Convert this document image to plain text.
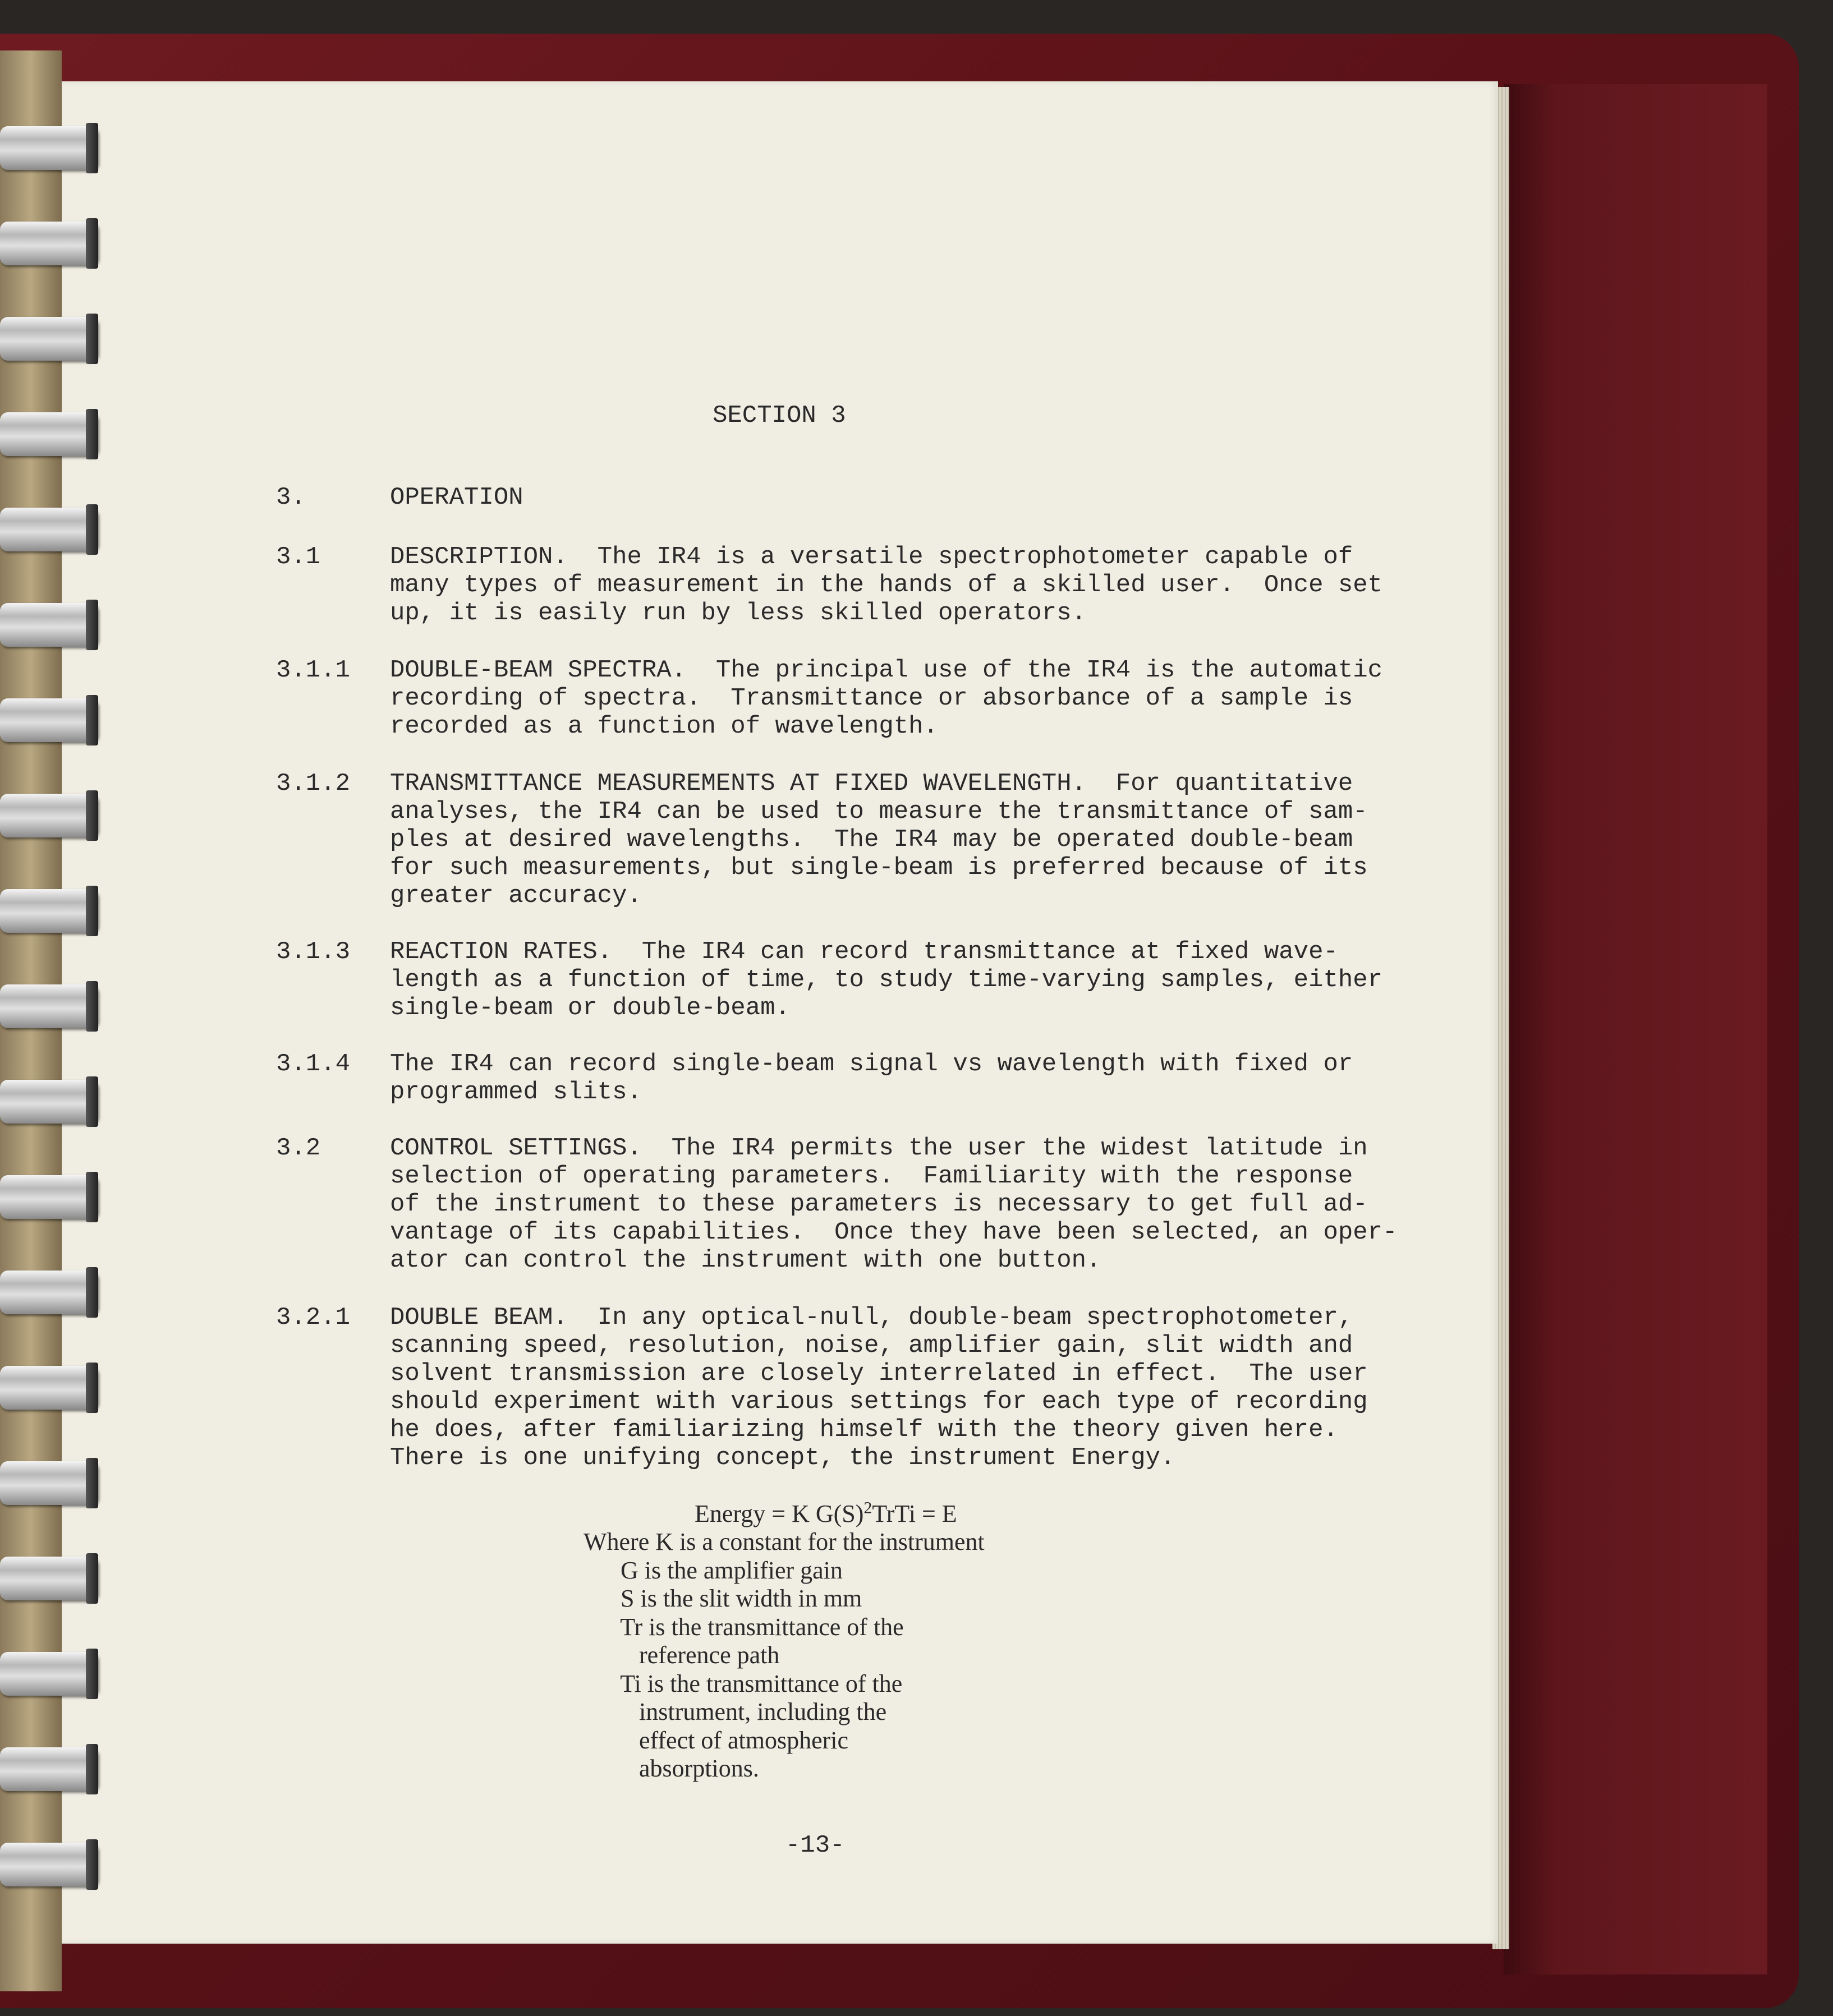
SECTION 3
3.	OPERATION
3.1	DESCRIPTION.  The IR4 is a versatile spectrophotometer capable of
many types of measurement in the hands of a skilled user.  Once set
up, it is easily run by less skilled operators.
3.1.1 DOUBLE-BEAM SPECTRA.  The principal use of the IR4 is the automatic
recording of spectra.  Transmittance or absorbance of a sample is
recorded as a function of wavelength.
3.1.2 TRANSMITTANCE MEASUREMENTS AT FIXED WAVELENGTH.  For quantitative
analyses, the IR4 can be used to measure the transmittance of sam-
ples at desired wavelengths.  The IR4 may be operated double-beam
for such measurements, but single-beam is preferred because of its
greater accuracy.
3.1.3 REACTION RATES.  The IR4 can record transmittance at fixed wave-
length as a function of time, to study time-varying samples, either
single-beam or double-beam.
3.1.4 The IR4 can record single-beam signal vs wavelength with fixed or
programmed slits.
3.2	CONTROL SETTINGS.  The IR4 permits the user the widest latitude in
selection of operating parameters.  Familiarity with the response
of the instrument to these parameters is necessary to get full ad-
vantage of its capabilities.  Once they have been selected, an oper-
ator can control the instrument with one button.
3.2.1 DOUBLE BEAM.  In any optical-null, double-beam spectrophotometer,
scanning speed, resolution, noise, amplifier gain, slit width and
solvent transmission are closely interrelated in effect.  The user
should experiment with various settings for each type of recording
he does, after familiarizing himself with the theory given here.
There is one unifying concept, the instrument Energy.
Energy = K $G(S)^2TrTi = E$
Where K is a constant for the instrument
G is the amplifier gain
S is the slit width in mm
Tr is the transmittance of the
reference path
Ti is the transmittance of the
instrument, including the
effect of atmospheric
absorptions.
-13-
